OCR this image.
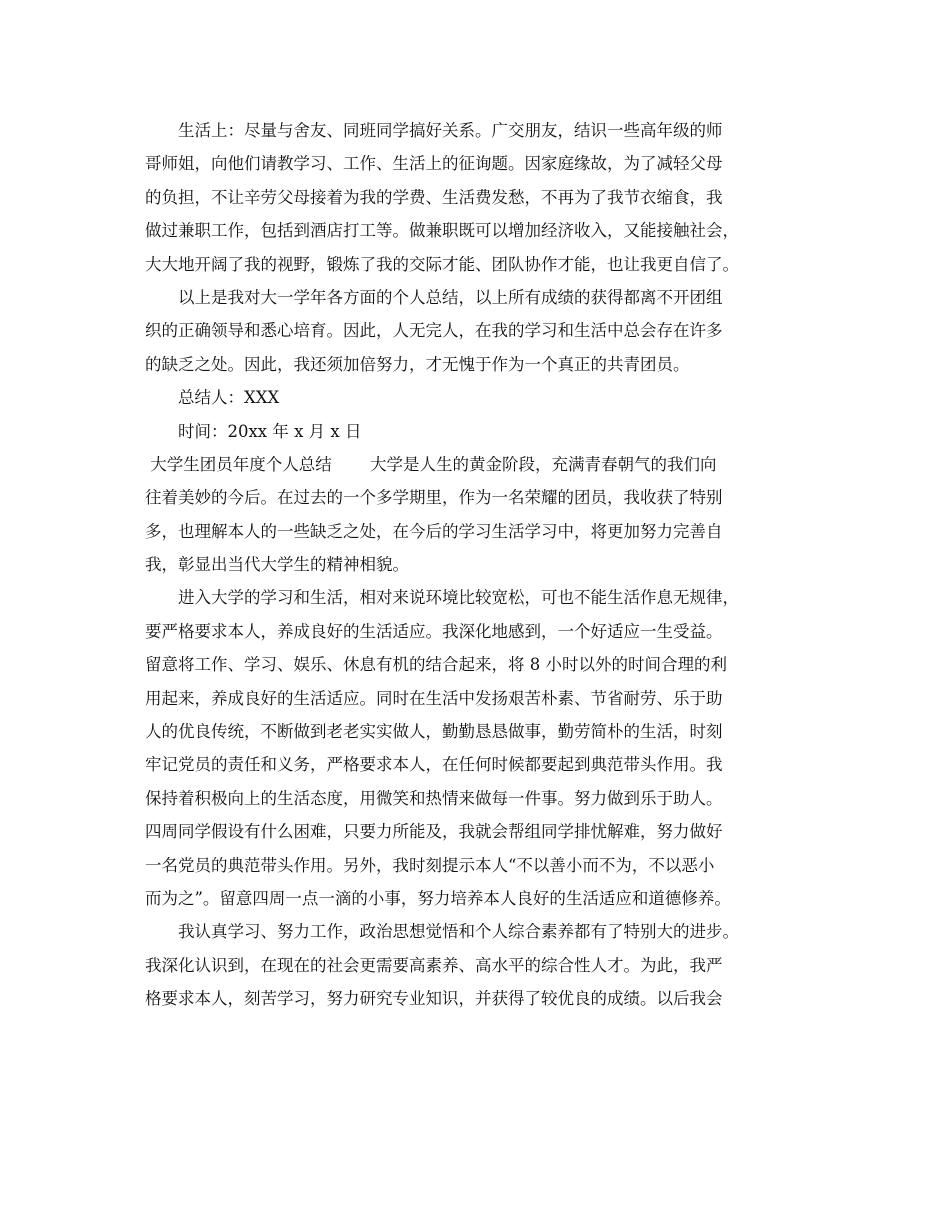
　　生活上：尽量与舍友、同班同学搞好关系。广交朋友，结识一些高年级的师
哥师姐，向他们请教学习、工作、生活上的征询题。因家庭缘故，为了减轻父母
的负担，不让辛劳父母接着为我的学费、生活费发愁，不再为了我节衣缩食，我
做过兼职工作，包括到酒店打工等。做兼职既可以增加经济收入，又能接触社会，
大大地开阔了我的视野，锻炼了我的交际才能、团队协作才能，也让我更自信了。
　　以上是我对大一学年各方面的个人总结，以上所有成绩的获得都离不开团组
织的正确领导和悉心培育。因此，人无完人，在我的学习和生活中总会存在许多
的缺乏之处。因此，我还须加倍努力，才无愧于作为一个真正的共青团员。
　　总结人：XXX
　　时间：20xx 年 x 月 x 日
大学生团员年度个人总结　　 大学是人生的黄金阶段，充满青春朝气的我们向
往着美妙的今后。在过去的一个多学期里，作为一名荣耀的团员，我收获了特别
多，也理解本人的一些缺乏之处，在今后的学习生活学习中，将更加努力完善自
我，彰显出当代大学生的精神相貌。
　　进入大学的学习和生活，相对来说环境比较宽松，可也不能生活作息无规律，
要严格要求本人，养成良好的生活适应。我深化地感到，一个好适应一生受益。
留意将工作、学习、娱乐、休息有机的结合起来，将 8 小时以外的时间合理的利
用起来，养成良好的生活适应。同时在生活中发扬艰苦朴素、节省耐劳、乐于助
人的优良传统，不断做到老老实实做人，勤勤恳恳做事，勤劳简朴的生活，时刻
牢记党员的责任和义务，严格要求本人，在任何时候都要起到典范带头作用。我
保持着积极向上的生活态度，用微笑和热情来做每一件事。努力做到乐于助人。
四周同学假设有什么困难，只要力所能及，我就会帮组同学排忧解难，努力做好
一名党员的典范带头作用。另外，我时刻提示本人“不以善小而不为，不以恶小
而为之”。留意四周一点一滴的小事，努力培养本人良好的生活适应和道德修养。
　　我认真学习、努力工作，政治思想觉悟和个人综合素养都有了特别大的进步。
我深化认识到，在现在的社会更需要高素养、高水平的综合性人才。为此，我严
格要求本人，刻苦学习，努力研究专业知识，并获得了较优良的成绩。以后我会
